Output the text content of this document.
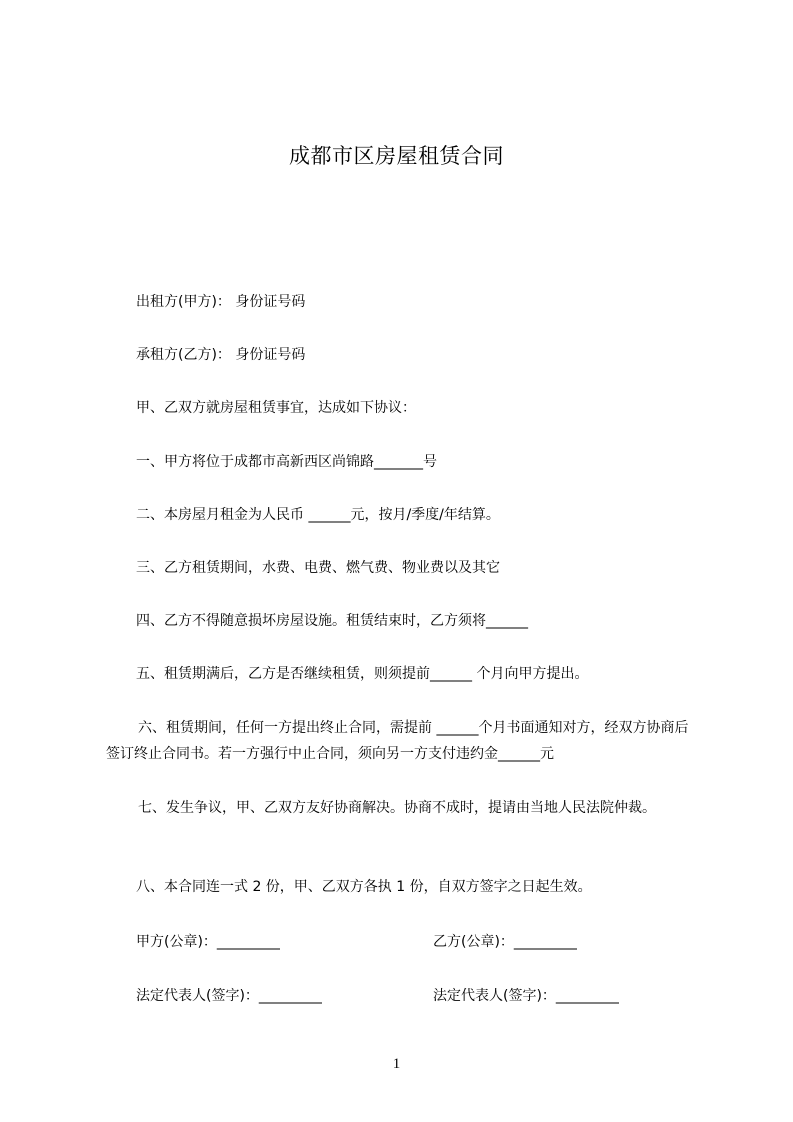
成都市区房屋租赁合同
出租方(甲方)： 身份证号码
承租方(乙方)： 身份证号码
甲、乙双方就房屋租赁事宜，达成如下协议：
一、甲方将位于成都市高新西区尚锦路_______号
二、本房屋月租金为人民币 ______元，按月/季度/年结算。
三、乙方租赁期间，水费、电费、燃气费、物业费以及其它
四、乙方不得随意损坏房屋设施。租赁结束时，乙方须将______
五、租赁期满后，乙方是否继续租赁，则须提前______ 个月向甲方提出。
六、租赁期间，任何一方提出终止合同，需提前 ______个月书面通知对方，经双方协商后签订终止合同书。若一方强行中止合同，须向另一方支付违约金______元
七、发生争议，甲、乙双方友好协商解决。协商不成时，提请由当地人民法院仲裁。
八、本合同连一式 2 份，甲、乙双方各执 1 份，自双方签字之日起生效。
甲方(公章)：_________	乙方(公章)：_________
法定代表人(签字)：_________	法定代表人(签字)：_________
1
